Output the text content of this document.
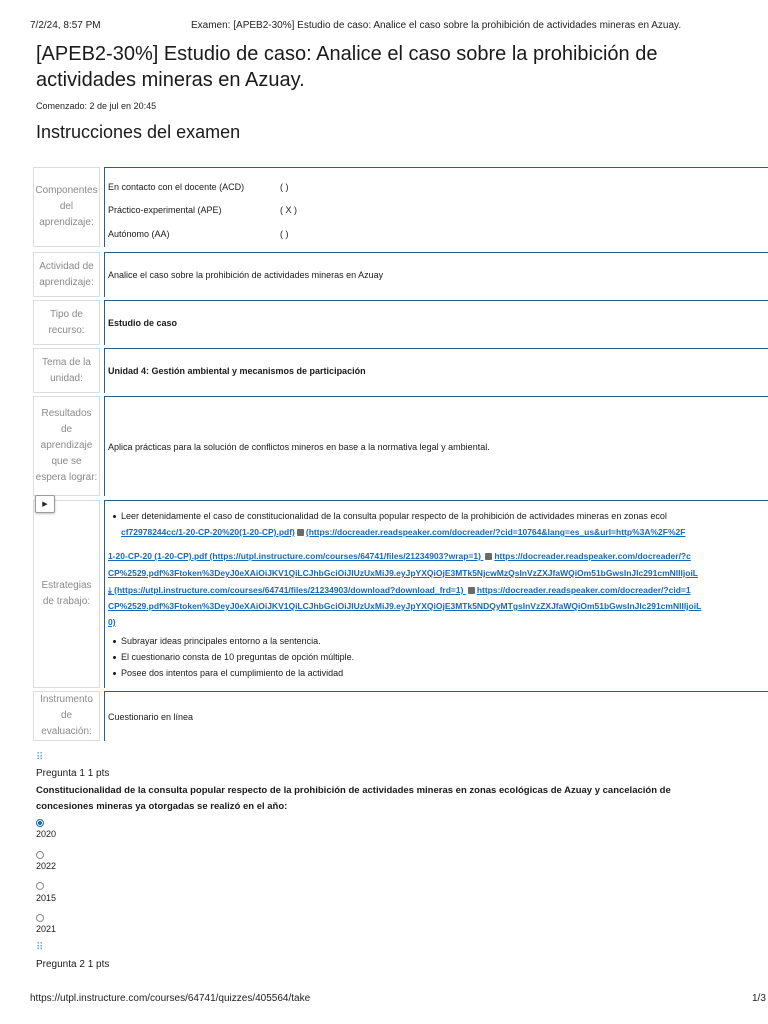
7/2/24, 8:57 PM	Examen: [APEB2-30%] Estudio de caso: Analice el caso sobre la prohibición de actividades mineras en Azuay.
[APEB2-30%] Estudio de caso: Analice el caso sobre la prohibición de actividades mineras en Azuay.
Comenzado: 2 de jul en 20:45
Instrucciones del examen
Componentes del aprendizaje:
En contacto con el docente (ACD)	( )
Práctico-experimental (APE)	( X )
Autónomo (AA)	( )
Actividad de aprendizaje:
Analice el caso sobre la prohibición de actividades mineras en Azuay
Tipo de recurso:
Estudio de caso
Tema de la unidad:
Unidad 4: Gestión ambiental y mecanismos de participación
Resultados de aprendizaje que se espera lograr:
Aplica prácticas para la solución de conflictos mineros en base a la normativa legal y ambiental.
Estrategias de trabajo:
Leer detenidamente el caso de constitucionalidad de la consulta popular respecto de la prohibición de actividades mineras en zonas ecol
cf72978244cc/1-20-CP-20%20(1-20-CP).pdf) (https://docreader.readspeaker.com/docreader/?cid=10764&lang=es_us&url=http%3A%2F%2F
1-20-CP-20 (1-20-CP).pdf (https://utpl.instructure.com/courses/64741/files/21234903?wrap=1) https://docreader.readspeaker.com/docreader/?c
CP%2529.pdf%3Ftoken%3DeyJ0eXAiOiJKV1QiLCJhbGciOiJIUzUxMiJ9.eyJpYXQiOjE3MTk5NjcwMzQsInVzZXJfaWQiOm51bGwsInJlc291cmNlIljoiL
⤓ (https://utpl.instructure.com/courses/64741/files/21234903/download?download_frd=1) https://docreader.readspeaker.com/docreader/?cid=1
CP%2529.pdf%3Ftoken%3DeyJ0eXAiOiJKV1QiLCJhbGciOiJIUzUxMiJ9.eyJpYXQiOjE3MTk5NDQyMTgsInVzZXJfaWQiOm51bGwsInJlc291cmNlIljoiL
0)
Subrayar ideas principales entorno a la sentencia.
El cuestionario consta de 10 preguntas de opción múltiple.
Posee dos intentos para el cumplimiento de la actividad
Instrumento de evaluación:
Cuestionario en línea
▶
⠿
Pregunta 1 1 pts
Constitucionalidad de la consulta popular respecto de la prohibición de actividades mineras en zonas ecológicas de Azuay y cancelación de concesiones mineras ya otorgadas se realizó en el año:
2020
2022
2015
2021
⠿
Pregunta 2 1 pts
https://utpl.instructure.com/courses/64741/quizzes/405564/take	1/3
